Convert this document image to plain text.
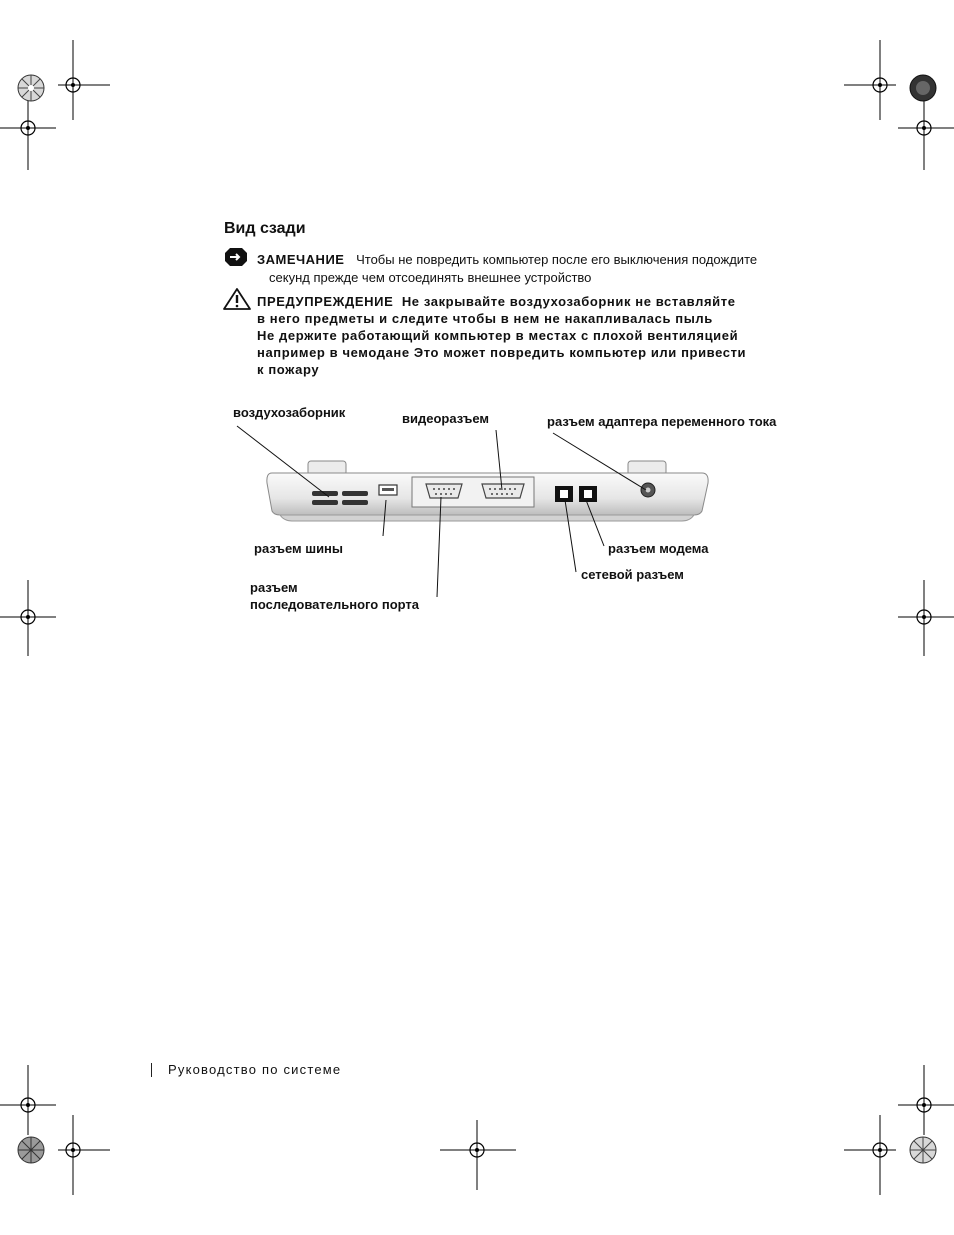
Вид сзади
ЗАМЕЧАНИЕ Чтобы не повредить компьютер после его выключения подождите
секунд прежде чем отсоединять внешнее устройство
ПРЕДУПРЕЖДЕНИЕ Не закрывайте воздухозаборник не вставляйте
в него предметы и следите чтобы в нем не накапливалась пыль
Не держите работающий компьютер в местах с плохой вентиляцией
например в чемодане Это может повредить компьютер или привести
к пожару
воздухозаборник	видеоразъем	разъем адаптера переменного тока
разъем шины	разъем модема
сетевой разъем
разъем
последовательного порта
Руководство по системе
